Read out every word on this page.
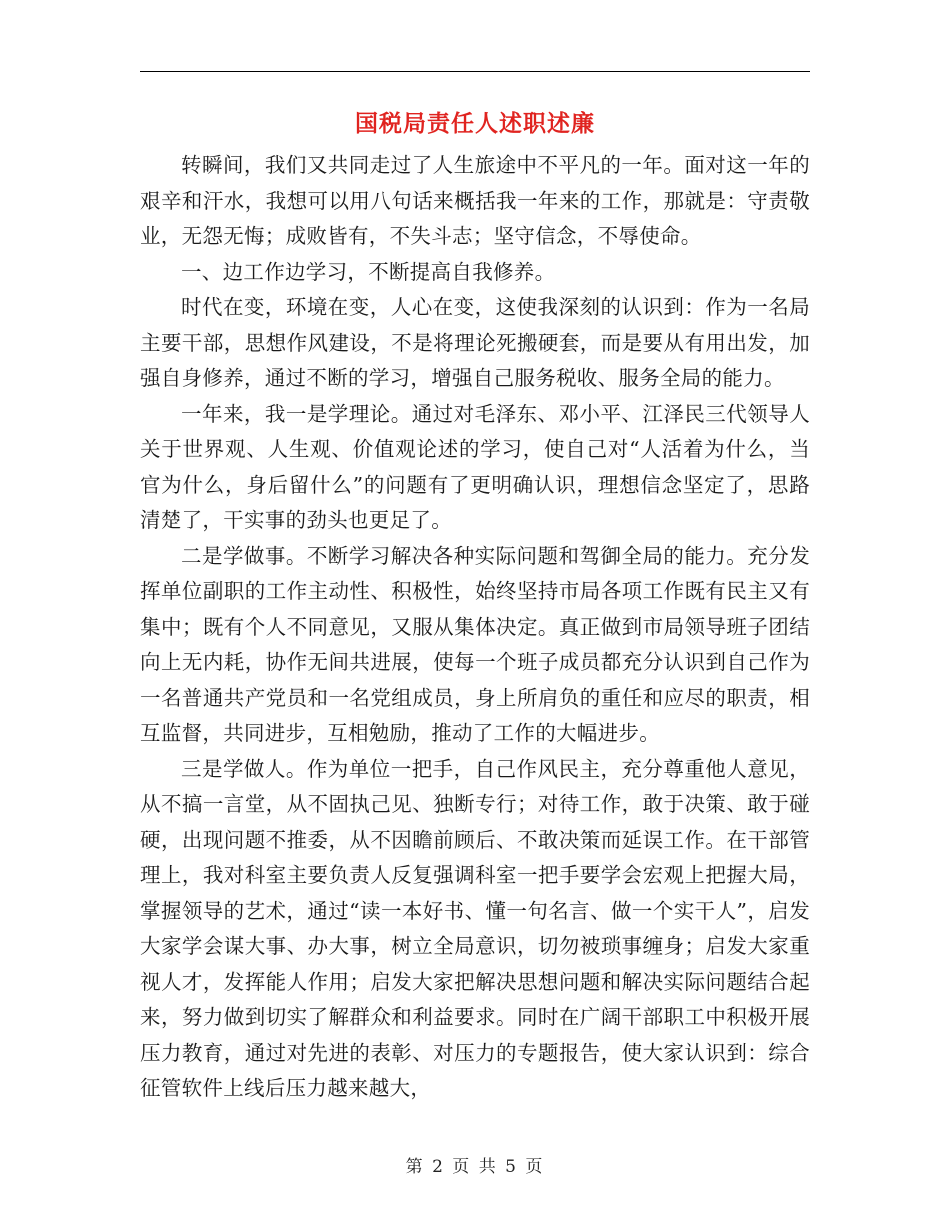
国税局责任人述职述廉

转瞬间，我们又共同走过了人生旅途中不平凡的一年。面对这一年的艰辛和汗水，我想可以用八句话来概括我一年来的工作，那就是：守责敬业，无怨无悔；成败皆有，不失斗志；坚守信念，不辱使命。

一、边工作边学习，不断提高自我修养。

时代在变，环境在变，人心在变，这使我深刻的认识到：作为一名局主要干部，思想作风建设，不是将理论死搬硬套，而是要从有用出发，加强自身修养，通过不断的学习，增强自己服务税收、服务全局的能力。

一年来，我一是学理论。通过对毛泽东、邓小平、江泽民三代领导人关于世界观、人生观、价值观论述的学习，使自己对“人活着为什么，当官为什么，身后留什么”的问题有了更明确认识，理想信念坚定了，思路清楚了，干实事的劲头也更足了。

二是学做事。不断学习解决各种实际问题和驾御全局的能力。充分发挥单位副职的工作主动性、积极性，始终坚持市局各项工作既有民主又有集中；既有个人不同意见，又服从集体决定。真正做到市局领导班子团结向上无内耗，协作无间共进展，使每一个班子成员都充分认识到自己作为一名普通共产党员和一名党组成员，身上所肩负的重任和应尽的职责，相互监督，共同进步，互相勉励，推动了工作的大幅进步。

三是学做人。作为单位一把手，自己作风民主，充分尊重他人意见，从不搞一言堂，从不固执己见、独断专行；对待工作，敢于决策、敢于碰硬，出现问题不推委，从不因瞻前顾后、不敢决策而延误工作。在干部管理上，我对科室主要负责人反复强调科室一把手要学会宏观上把握大局，掌握领导的艺术，通过“读一本好书、懂一句名言、做一个实干人”，启发大家学会谋大事、办大事，树立全局意识，切勿被琐事缠身；启发大家重视人才，发挥能人作用；启发大家把解决思想问题和解决实际问题结合起来，努力做到切实了解群众和利益要求。同时在广阔干部职工中积极开展压力教育，通过对先进的表彰、对压力的专题报告，使大家认识到：综合征管软件上线后压力越来越大，

第 2 页 共 5 页
